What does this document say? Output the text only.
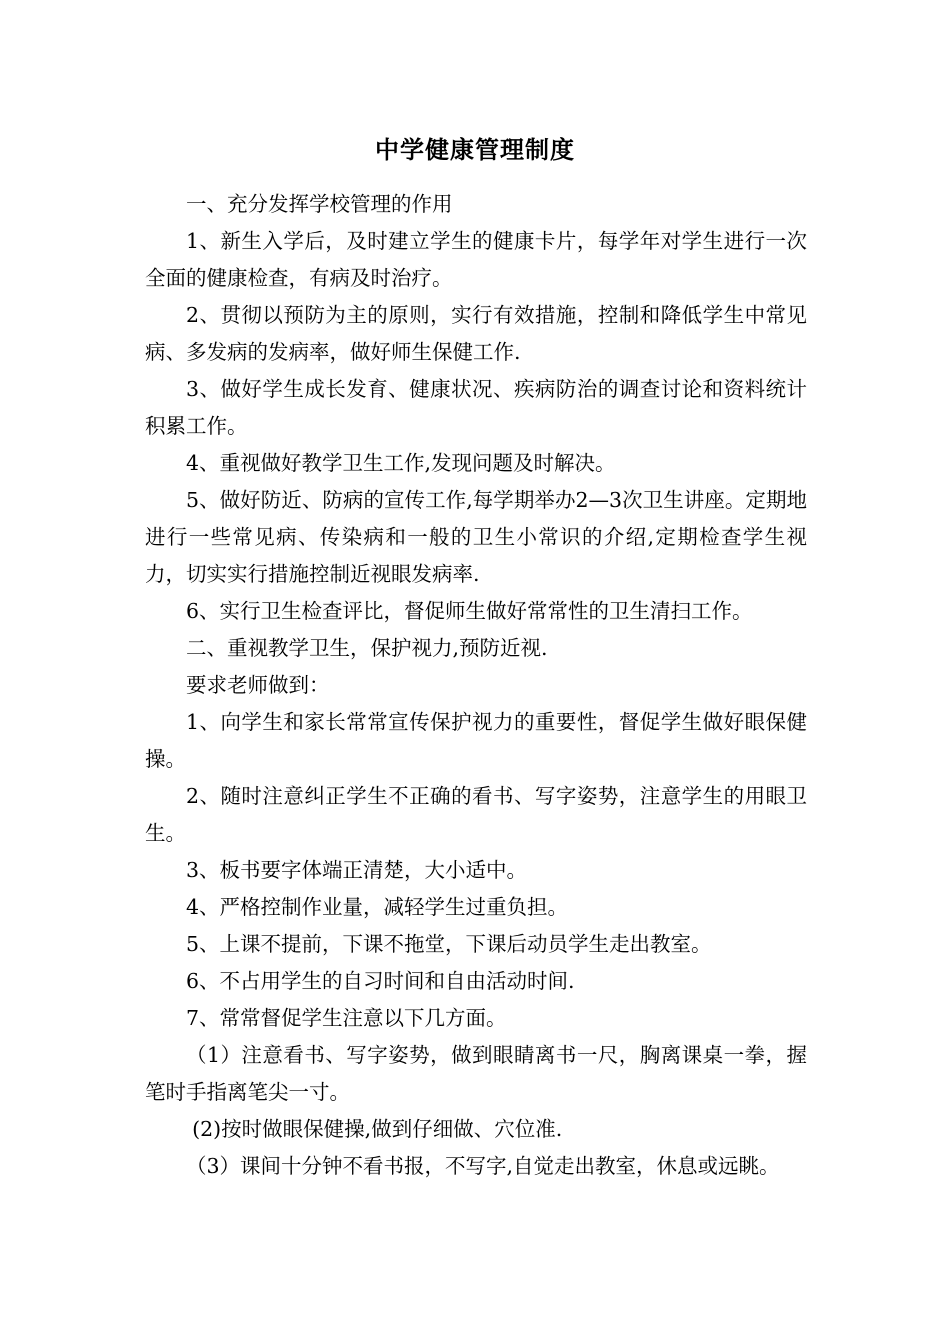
中学健康管理制度

一、充分发挥学校管理的作用

1、新生入学后，及时建立学生的健康卡片，每学年对学生进行一次全面的健康检查，有病及时治疗。

2、贯彻以预防为主的原则，实行有效措施，控制和降低学生中常见病、多发病的发病率，做好师生保健工作.

3、做好学生成长发育、健康状况、疾病防治的调查讨论和资料统计积累工作。

4、重视做好教学卫生工作,发现问题及时解决。

5、做好防近、防病的宣传工作,每学期举办2—3次卫生讲座。定期地进行一些常见病、传染病和一般的卫生小常识的介绍,定期检查学生视力，切实实行措施控制近视眼发病率.

6、实行卫生检查评比，督促师生做好常常性的卫生清扫工作。

二、重视教学卫生，保护视力,预防近视.

要求老师做到：

1、向学生和家长常常宣传保护视力的重要性，督促学生做好眼保健操。

2、随时注意纠正学生不正确的看书、写字姿势，注意学生的用眼卫生。

3、板书要字体端正清楚，大小适中。

4、严格控制作业量，减轻学生过重负担。

5、上课不提前，下课不拖堂，下课后动员学生走出教室。

6、不占用学生的自习时间和自由活动时间.

7、常常督促学生注意以下几方面。

（1）注意看书、写字姿势，做到眼睛离书一尺，胸离课桌一拳，握笔时手指离笔尖一寸。

(2)按时做眼保健操,做到仔细做、穴位准.

（3）课间十分钟不看书报，不写字,自觉走出教室，休息或远眺。
